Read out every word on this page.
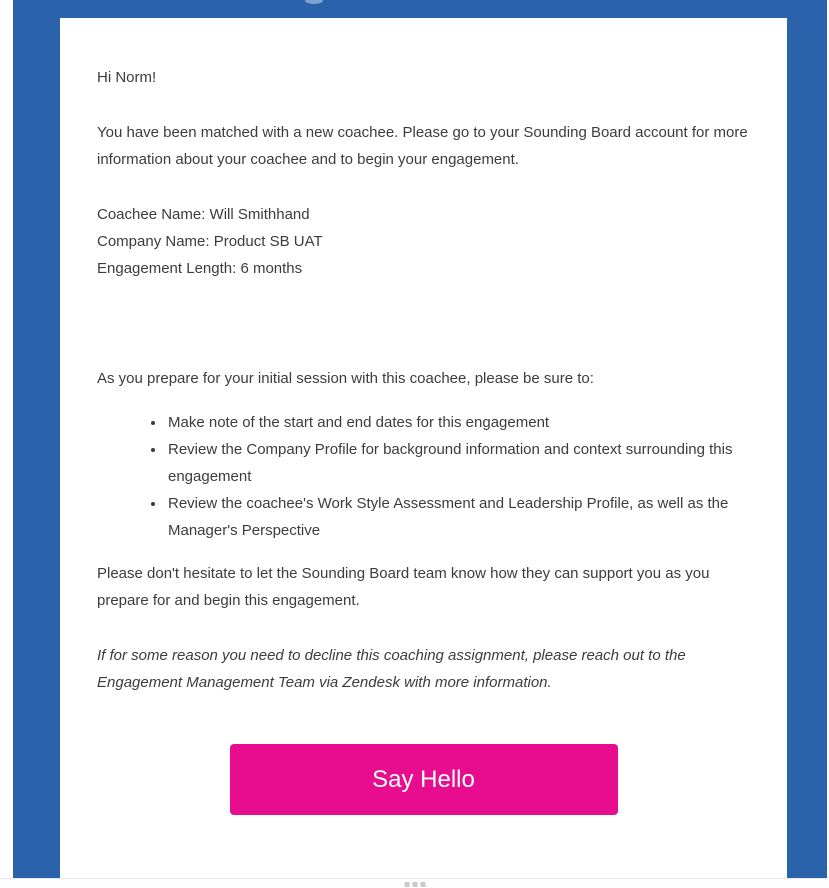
Hi Norm!

You have been matched with a new coachee. Please go to your Sounding Board account for more information about your coachee and to begin your engagement.

Coachee Name: Will Smithhand
Company Name: Product SB UAT
Engagement Length: 6 months

As you prepare for your initial session with this coachee, please be sure to:

• Make note of the start and end dates for this engagement
• Review the Company Profile for background information and context surrounding this engagement
• Review the coachee's Work Style Assessment and Leadership Profile, as well as the Manager's Perspective

Please don't hesitate to let the Sounding Board team know how they can support you as you prepare for and begin this engagement.

If for some reason you need to decline this coaching assignment, please reach out to the Engagement Management Team via Zendesk with more information.

Say Hello
